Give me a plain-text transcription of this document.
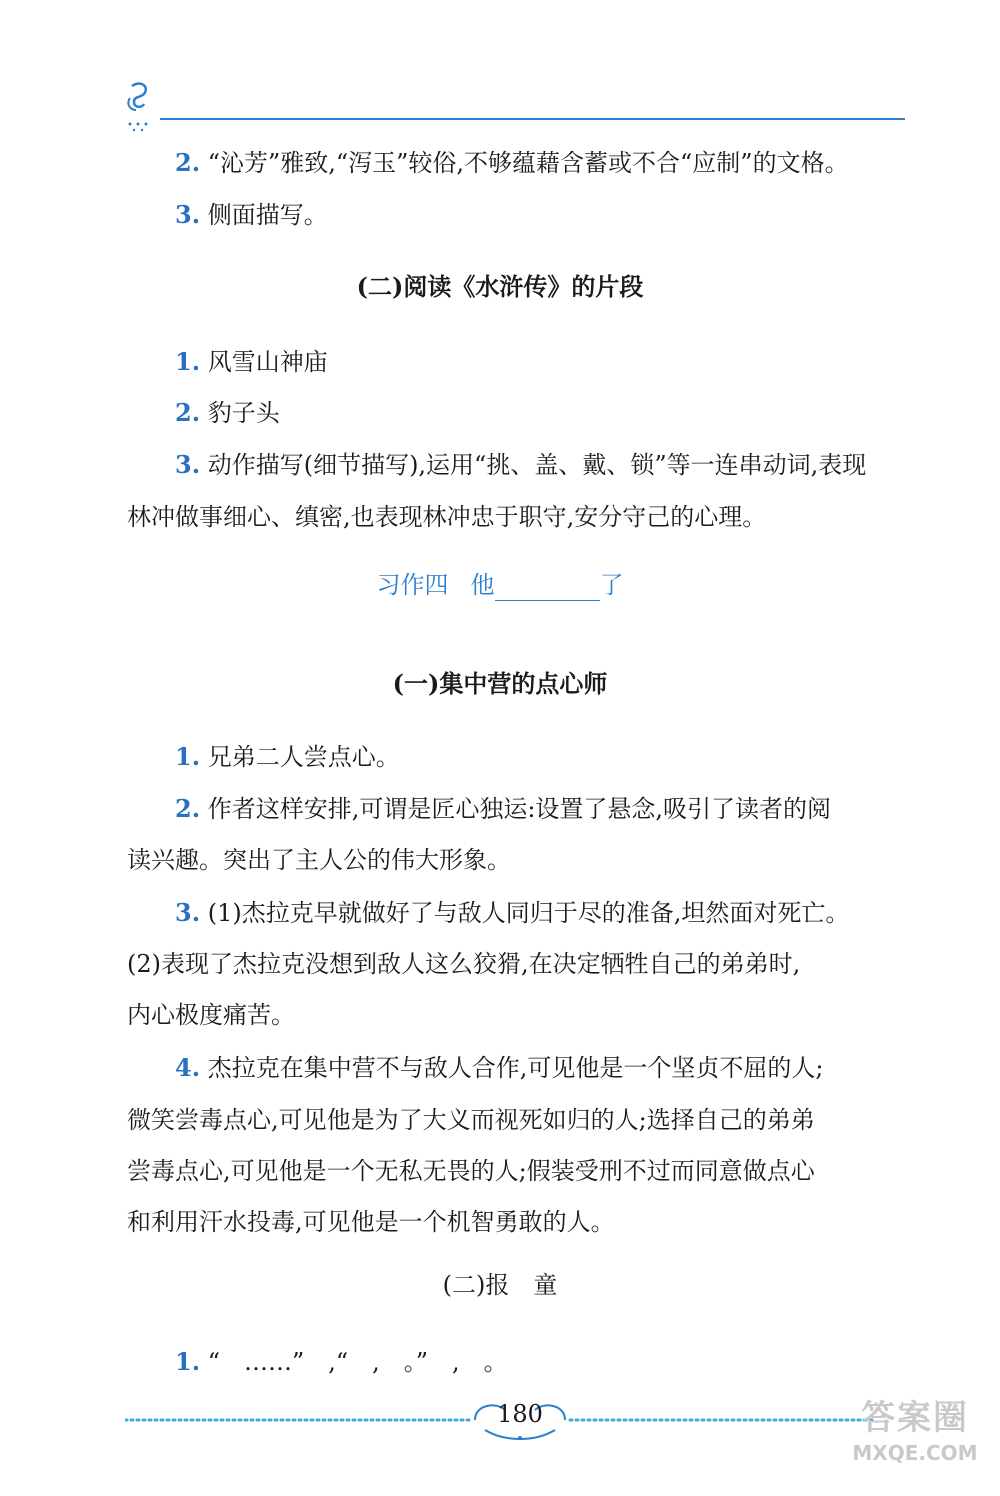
2. “沁芳”雅致,“泻玉”较俗,不够蕴藉含蓄或不合“应制”的文格。
3. 侧面描写。
(二)阅读《水浒传》的片段
1. 风雪山神庙
2. 豹子头
3. 动作描写(细节描写),运用“挑、盖、戴、锁”等一连串动词,表现
林冲做事细心、缜密,也表现林冲忠于职守,安分守己的心理。
习作四 他	了
(一)集中营的点心师
1. 兄弟二人尝点心。
2. 作者这样安排,可谓是匠心独运:设置了悬念,吸引了读者的阅
读兴趣。突出了主人公的伟大形象。
3. (1)杰拉克早就做好了与敌人同归于尽的准备,坦然面对死亡。
(2)表现了杰拉克没想到敌人这么狡猾,在决定牺牲自己的弟弟时,
内心极度痛苦。
4. 杰拉克在集中营不与敌人合作,可见他是一个坚贞不屈的人;
微笑尝毒点心,可见他是为了大义而视死如归的人;选择自己的弟弟
尝毒点心,可见他是一个无私无畏的人;假装受刑不过而同意做点心
和利用汗水投毒,可见他是一个机智勇敢的人。
(二)报　童
1. “　……”　,“　,　。”　,　。
180	答案圈
MXQE.COM
